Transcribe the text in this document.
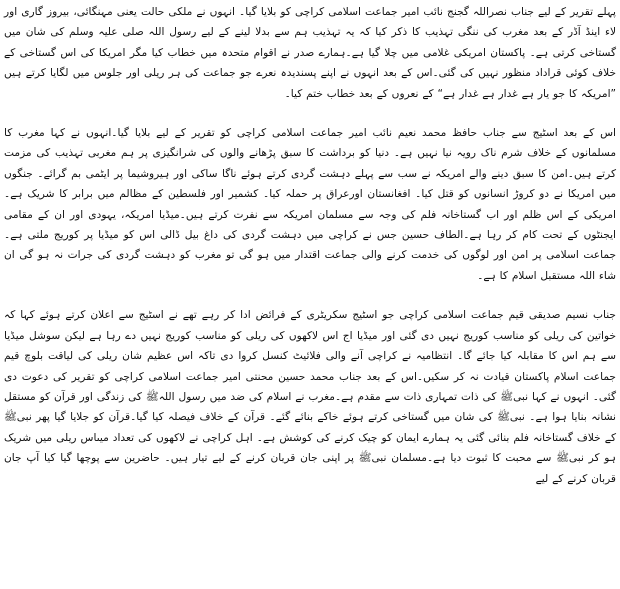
پہلے تقریر کے لیے جناب نصراللہ گجنج نائب امیر جماعت اسلامی کراچی کو بلایا گیا۔ انہوں نے ملکی حالت یعنی مہنگائی، بیروز گاری اور لاء اینڈ آڈر کے بعد مغرب کی ننگی تہذیب کا ذکر کیا کہ یہ تہذیب ہم سے بدلا لینے کے لیے رسول اللہ صلی علیہ وسلم کی شان میں گستاخی کرتی ہے۔ پاکستان امریکی غلامی میں چلا گیا ہے۔ہمارے صدر نے اقوام متحدہ میں خطاب کیا مگر امریکا کی اس گستاخی کے خلاف کوئی قراداد منظور نہیں کی گئی۔اس کے بعد انہوں نے اپنے پسندیدہ نعرے جو جماعت کی ہر ریلی اور جلوس میں لگایا کرتے ہیں ”امریکہ کا جو یار ہے غدار ہے غدار ہے“ کے نعروں کے بعد خطاب ختم کیا۔

اس کے بعد اسٹیج سے جناب حافظ محمد نعیم نائب امیر جماعت اسلامی کراچی کو تقریر کے لیے بلایا گیا۔انہوں نے کہا مغرب کا مسلمانوں کے خلاف شرم ناک رویہ نیا نہیں ہے۔ دنیا کو برداشت کا سبق پڑھانے والوں کی شرانگیزی پر ہم مغربی تہذیب کی مزمت کرتے ہیں۔امن کا سبق دینے والے امریکہ نے سب سے پہلے دہشت گردی کرتے ہوئے ناگا ساکی اور ہیروشیما پر ایٹمی بم گرائے۔ جنگوں میں امریکا نے دو کروڑ انسانوں کو قتل کیا۔ افغانستان اورعراق پر حملہ کیا۔ کشمیر اور فلسطین کے مظالم میں برابر کا شریک ہے۔امریکی کے اس ظلم اور اب گستاخانہ فلم کی وجہ سے مسلمان امریکہ سے نفرت کرتے ہیں۔میڈیا امریکہ، یہودی اور ان کے مقامی ایجنٹوں کے تحت کام کر رہا ہے۔الطاف حسین جس نے کراچی میں دہشت گردی کی داغ بیل ڈالی اس کو میڈیا پر کوریج ملتی ہے۔ جماعت اسلامی پر امن اور لوگوں کی خدمت کرنے والی جماعت اقتدار میں ہو گی تو مغرب کو دہشت گردی کی جرات نہ ہو گی ان شاء اللہ مستقبل اسلام کا ہے۔

جناب نسیم صدیقی قیم جماعت اسلامی کراچی جو اسٹیج سکریٹری کے فرائض ادا کر رہے تھے نے اسٹیج سے اعلان کرتے ہوئے کہا کہ خواتین کی ریلی کو مناسب کوریج نہیں دی گئی اور میڈیا اج اس لاکھوں کی ریلی کو مناسب کوریج نہیں دے رہا ہے لیکن سوشل میڈیا سے ہم اس کا مقابلہ کیا جائے گا۔ انتظامیہ نے کراچی آنے والی فلائیٹ کنسل کروا دی تاکہ اس عظیم شان ریلی کی لیاقت بلوچ قیم جماعت اسلام پاکستان قیادت نہ کر سکیں۔اس کے بعد جناب محمد حسین محنتی امیر جماعت اسلامی کراچی کو تقریر کی دعوت دی گئی۔ انہوں نے کہا نبیﷺ کی ذات تمہاری ذات سے مقدم ہے۔مغرب نے اسلام کی ضد میں رسول اللہﷺ کی زندگی اور قرآن کو مستقل نشانہ بنایا ہوا ہے۔ نبیﷺ کی شان میں گستاخی کرتے ہوئے خاکے بنائے گئے۔ قرآن کے خلاف فیصلہ کیا گیا۔قرآن کو جلایا گیا پھر نبیﷺ کے خلاف گستاخانہ فلم بنائی گئی یہ ہمارے ایمان کو چیک کرنے کی کوشش ہے۔ اہل کراچی نے لاکھوں کی تعداد میںاس ریلی میں شریک ہو کر نبیﷺ سے محبت کا ثبوت دیا ہے۔مسلمان نبیﷺ پر اپنی جان قربان کرنے کے لیے تیار ہیں۔ حاضرین سے پوچھا گیا کیا آپ جان قربان کرنے کے لیے
